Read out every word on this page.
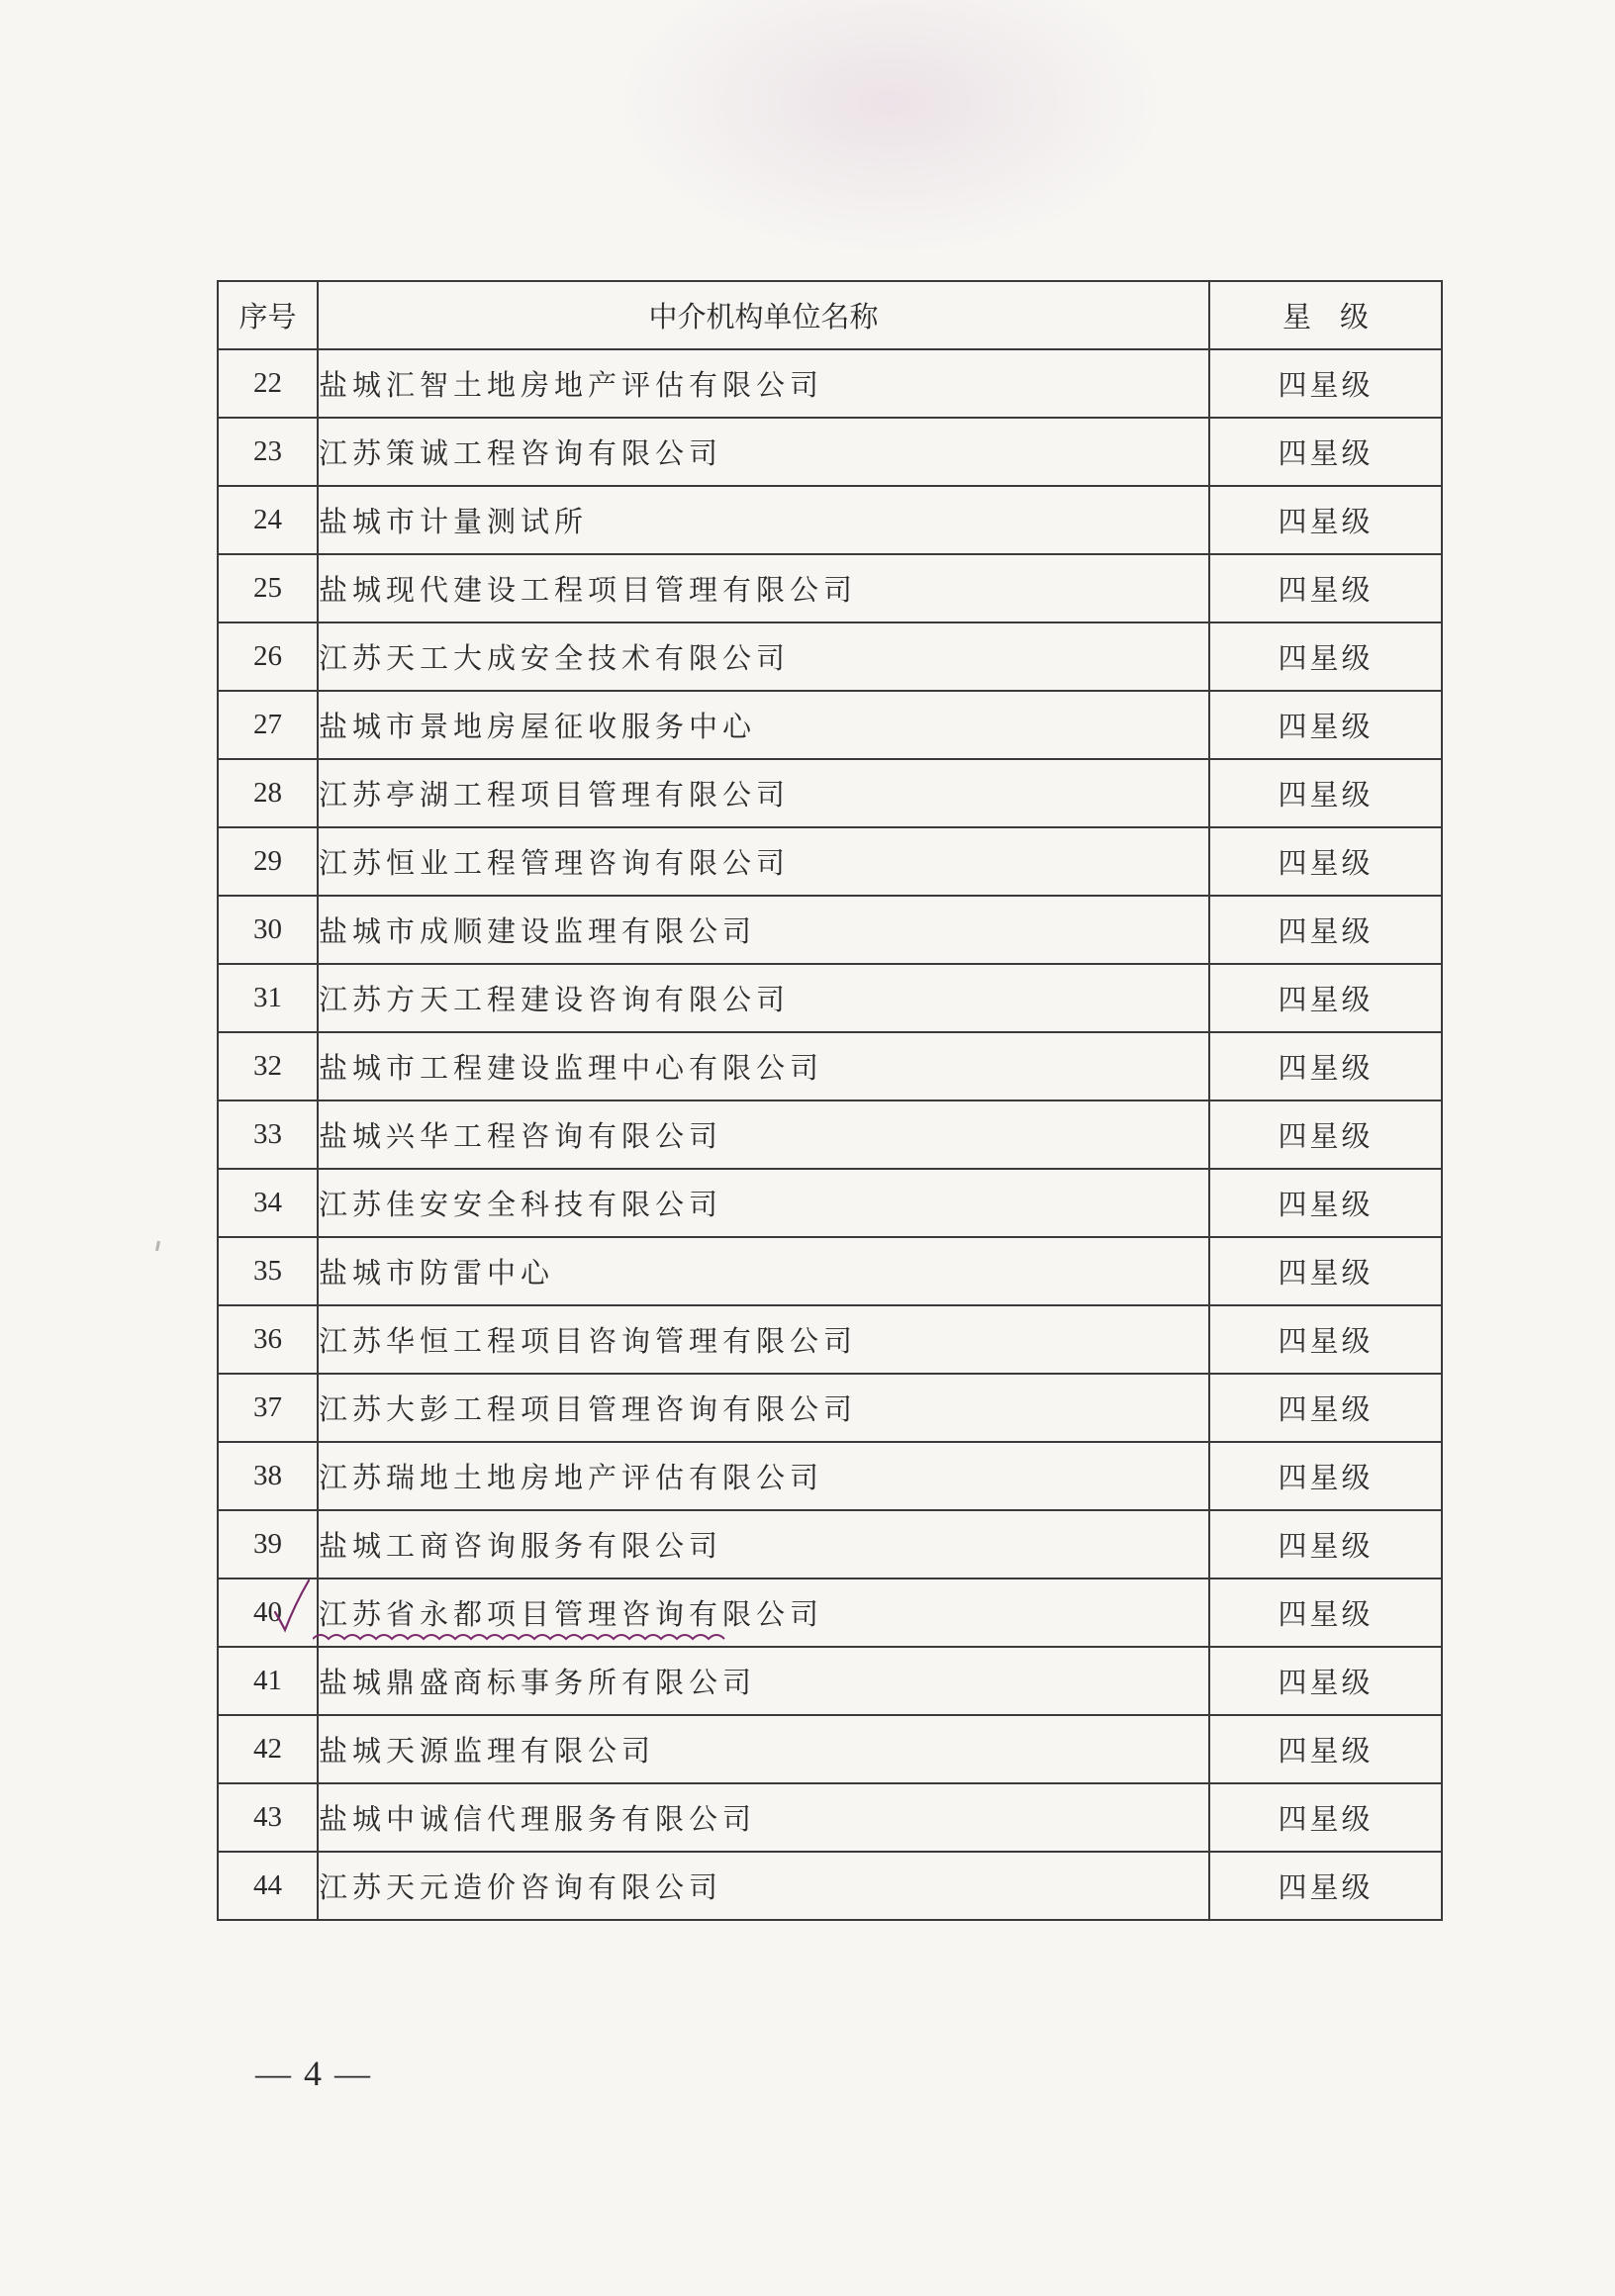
序号	中介机构单位名称	星　级
22	盐城汇智土地房地产评估有限公司	四星级
23	江苏策诚工程咨询有限公司	四星级
24	盐城市计量测试所	四星级
25	盐城现代建设工程项目管理有限公司	四星级
26	江苏天工大成安全技术有限公司	四星级
27	盐城市景地房屋征收服务中心	四星级
28	江苏亭湖工程项目管理有限公司	四星级
29	江苏恒业工程管理咨询有限公司	四星级
30	盐城市成顺建设监理有限公司	四星级
31	江苏方天工程建设咨询有限公司	四星级
32	盐城市工程建设监理中心有限公司	四星级
33	盐城兴华工程咨询有限公司	四星级
34	江苏佳安安全科技有限公司	四星级
35	盐城市防雷中心	四星级
36	江苏华恒工程项目咨询管理有限公司	四星级
37	江苏大彭工程项目管理咨询有限公司	四星级
38	江苏瑞地土地房地产评估有限公司	四星级
39	盐城工商咨询服务有限公司	四星级
40	江苏省永都项目管理咨询有限公司	四星级
41	盐城鼎盛商标事务所有限公司	四星级
42	盐城天源监理有限公司	四星级
43	盐城中诚信代理服务有限公司	四星级
44	江苏天元造价咨询有限公司	四星级
— 4 —
